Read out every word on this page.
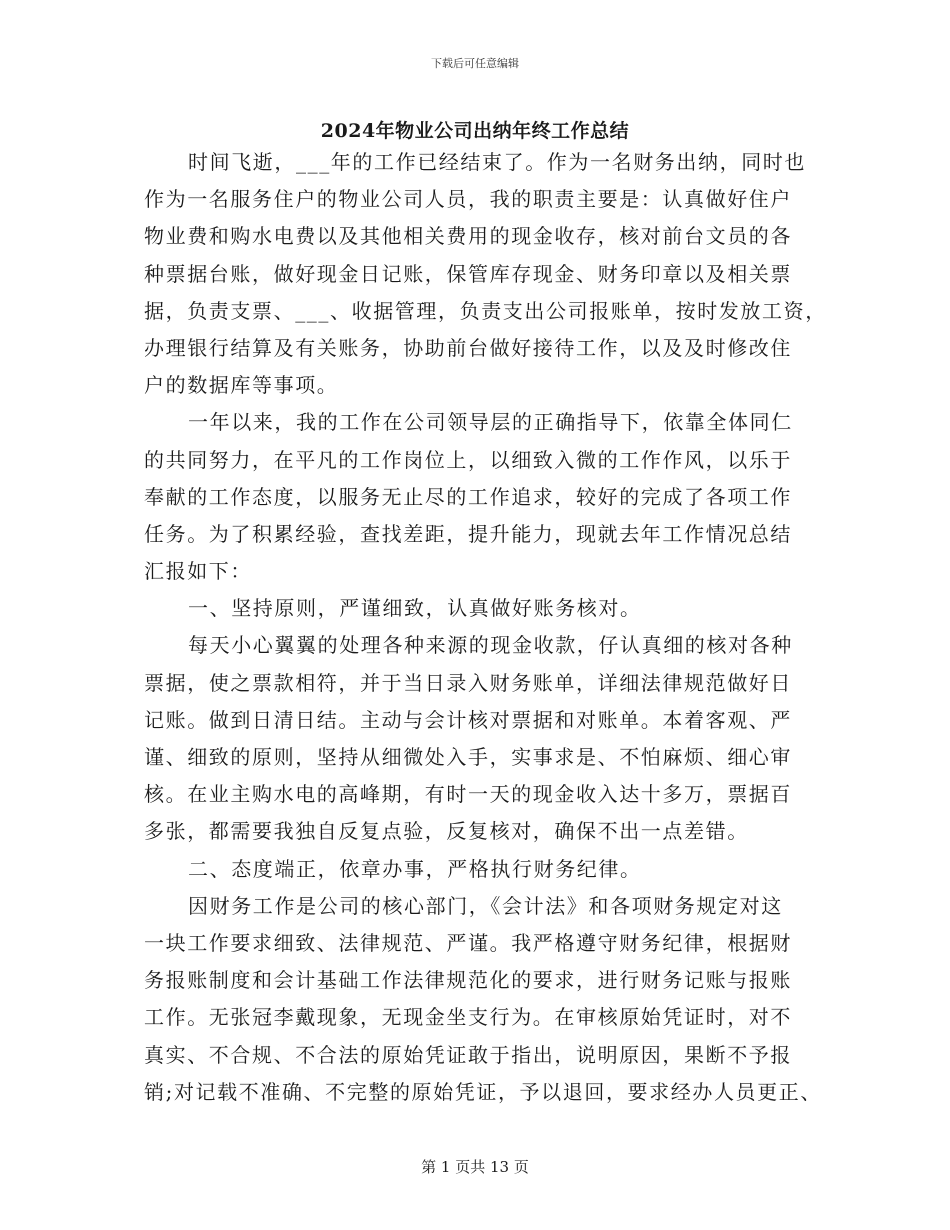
下载后可任意编辑
2024年物业公司出纳年终工作总结
时间飞逝，___年的工作已经结束了。作为一名财务出纳，同时也
作为一名服务住户的物业公司人员，我的职责主要是：认真做好住户
物业费和购水电费以及其他相关费用的现金收存，核对前台文员的各
种票据台账，做好现金日记账，保管库存现金、财务印章以及相关票
据，负责支票、___、收据管理，负责支出公司报账单，按时发放工资，
办理银行结算及有关账务，协助前台做好接待工作，以及及时修改住
户的数据库等事项。
一年以来，我的工作在公司领导层的正确指导下，依靠全体同仁
的共同努力，在平凡的工作岗位上，以细致入微的工作作风，以乐于
奉献的工作态度，以服务无止尽的工作追求，较好的完成了各项工作
任务。为了积累经验，查找差距，提升能力，现就去年工作情况总结
汇报如下：
一、坚持原则，严谨细致，认真做好账务核对。
每天小心翼翼的处理各种来源的现金收款，仔认真细的核对各种
票据，使之票款相符，并于当日录入财务账单，详细法律规范做好日
记账。做到日清日结。主动与会计核对票据和对账单。本着客观、严
谨、细致的原则，坚持从细微处入手，实事求是、不怕麻烦、细心审
核。在业主购水电的高峰期，有时一天的现金收入达十多万，票据百
多张，都需要我独自反复点验，反复核对，确保不出一点差错。
二、态度端正，依章办事，严格执行财务纪律。
因财务工作是公司的核心部门，《会计法》和各项财务规定对这
一块工作要求细致、法律规范、严谨。我严格遵守财务纪律，根据财
务报账制度和会计基础工作法律规范化的要求，进行财务记账与报账
工作。无张冠李戴现象，无现金坐支行为。在审核原始凭证时，对不
真实、不合规、不合法的原始凭证敢于指出，说明原因，果断不予报
销;对记载不准确、不完整的原始凭证，予以退回，要求经办人员更正、
第 1 页共 13 页
